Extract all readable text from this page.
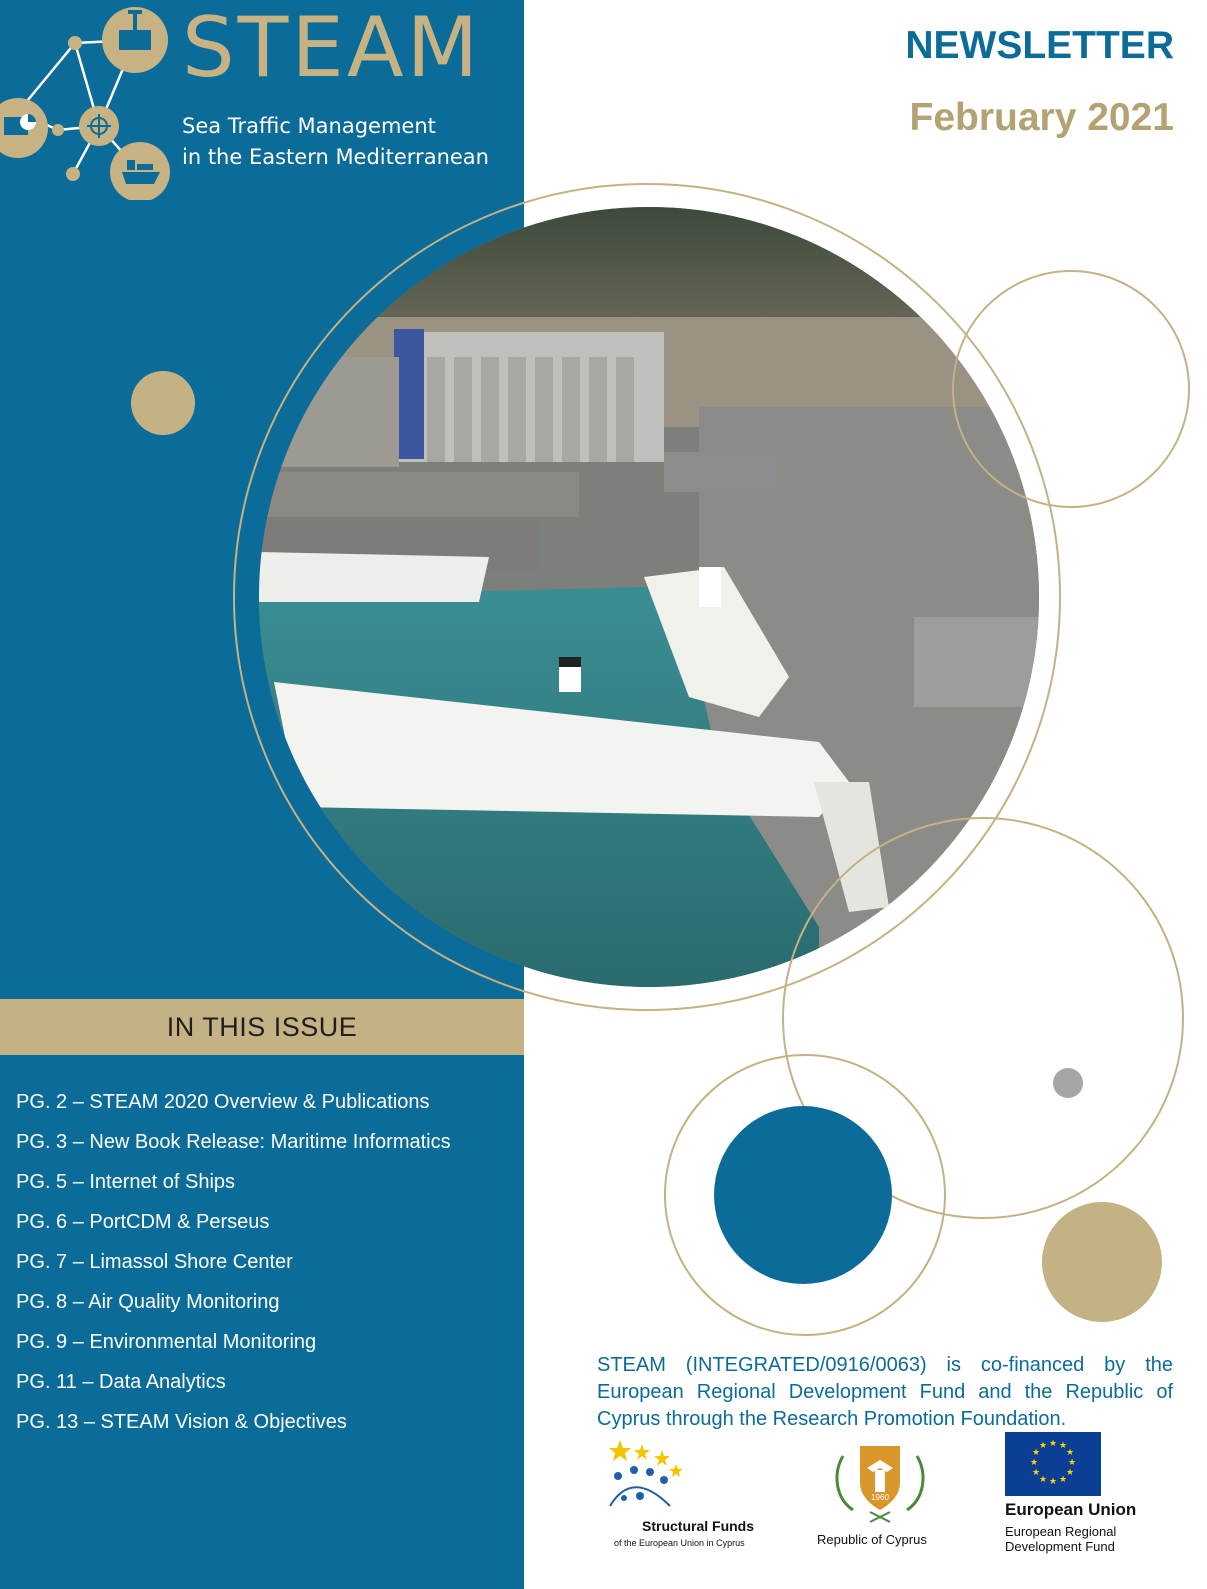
STEAM
Sea Traffic Management
in the Eastern Mediterranean
NEWSLETTER
February 2021
IN THIS ISSUE
PG. 2 – STEAM 2020 Overview & Publications
PG. 3 – New Book Release: Maritime Informatics
PG. 5 – Internet of Ships
PG. 6 – PortCDM & Perseus
PG. 7 – Limassol Shore Center
PG. 8 – Air Quality Monitoring
PG. 9 – Environmental Monitoring
PG. 11 – Data Analytics
PG. 13 – STEAM Vision & Objectives

STEAM (INTEGRATED/0916/0063) is co-financed by the European Regional Development Fund and the Republic of Cyprus through the Research Promotion Foundation.

Structural Funds
of the European Union in Cyprus
1960
Republic of Cyprus
★ ★
★
★
★
★
★
★
★
★
★
★
European Union
European Regional
Development Fund
